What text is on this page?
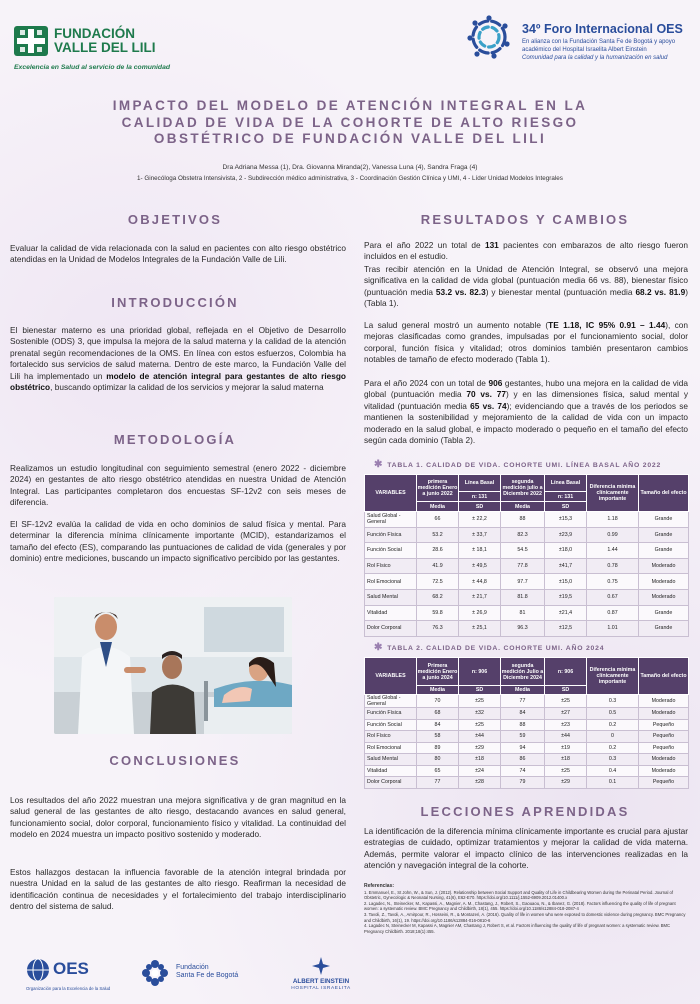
FUNDACIÓN
VALLE DEL LILI
Excelencia en Salud al servicio de la comunidad
34º Foro Internacional OES
En alianza con la Fundación Santa Fe de Bogotá y apoyo académico del Hospital Israelita Albert Einstein
Comunidad para la calidad y la humanización en salud
IMPACTO DEL MODELO DE ATENCIÓN INTEGRAL EN LA
CALIDAD DE VIDA DE LA COHORTE DE ALTO RIESGO
OBSTÉTRICO DE FUNDACIÓN VALLE DEL LILI
Dra Adriana Messa (1), Dra. Giovanna Miranda(2), Vanessa Luna (4), Sandra Fraga (4)
1- Ginecóloga Obstetra Intensivista, 2 - Subdirección médico administrativa, 3 - Coordinación Gestión Clínica y UMI, 4 - Líder Unidad Modelos Integrales
OBJETIVOS
Evaluar la calidad de vida relacionada con la salud en pacientes con alto riesgo obstétrico atendidas en la Unidad de Modelos Integrales de la Fundación Valle de Lili.
INTRODUCCIÓN
El bienestar materno es una prioridad global, reflejada en el Objetivo de Desarrollo Sostenible (ODS) 3, que impulsa la mejora de la salud materna y la calidad de la atención prenatal según recomendaciones de la OMS. En línea con estos esfuerzos, Colombia ha fortalecido sus servicios de salud materna. Dentro de este marco, la Fundación Valle del Lili ha implementado un modelo de atención integral para gestantes de alto riesgo obstétrico, buscando optimizar la calidad de los servicios y mejorar la salud materna
METODOLOGÍA
Realizamos un estudio longitudinal con seguimiento semestral (enero 2022 - diciembre 2024) en gestantes de alto riesgo obstétrico atendidas en nuestra Unidad de Atención Integral. Las participantes completaron dos encuestas SF-12v2 con seis meses de diferencia.
El SF-12v2 evalúa la calidad de vida en ocho dominios de salud física y mental. Para determinar la diferencia mínima clínicamente importante (MCID), estandarizamos el tamaño del efecto (ES), comparando las puntuaciones de calidad de vida (generales y por dominio) entre mediciones, buscando un impacto significativo percibido por las gestantes.
CONCLUSIONES
Los resultados del año 2022 muestran una mejora significativa y de gran magnitud en la salud general de las gestantes de alto riesgo, destacando avances en salud general, funcionamiento social, dolor corporal, funcionamiento físico y vitalidad. La continuidad del modelo en 2024 muestra un impacto positivo sostenido y moderado.
Estos hallazgos destacan la influencia favorable de la atención integral brindada por nuestra Unidad en la salud de las gestantes de alto riesgo. Reafirman la necesidad de identificación continua de necesidades y el fortalecimiento del trabajo interdisciplinario dentro del sistema de salud.
RESULTADOS Y CAMBIOS
Para el año 2022 un total de 131 pacientes con embarazos de alto riesgo fueron incluidos en el estudio.
Tras recibir atención en la Unidad de Atención Integral, se observó una mejora significativa en la calidad de vida global (puntuación media 66 vs. 88), bienestar físico (puntuación media 53.2 vs. 82.3) y bienestar mental (puntuación media 68.2 vs. 81.9) (Tabla 1).
La salud general mostró un aumento notable (TE 1.18, IC 95% 0.91 – 1.44), con mejoras clasificadas como grandes, impulsadas por el funcionamiento social, dolor corporal, función física y vitalidad; otros dominios también presentaron cambios notables de tamaño de efecto moderado (Tabla 1).
Para el año 2024 con un total de 906 gestantes, hubo una mejora en la calidad de vida global (puntuación media 70 vs. 77) y en las dimensiones física, salud mental y vitalidad (puntuación media 65 vs. 74); evidenciando que a través de los periodos se mantienen la sostenibilidad y mejoramiento de la calidad de vida con un impacto moderado en la salud global, e impacto moderado o pequeño en el tamaño del efecto según cada dominio (Tabla 2).
✱ TABLA 1. CALIDAD DE VIDA. COHORTE UMI. LÍNEA BASAL AÑO 2022
VARIABLES	primera medición Enero a junio 2022	Línea Basal	segunda medición julio a Diciembre 2022	Línea Basal	Diferencia mínima clínicamente importante	Tamaño del efecto
		n: 131		n: 131		
	Media	SD	Media	SD		
Salud Global - General	66	± 22,2	88	±15,3	1.18	Grande
Función Física	53.2	± 33,7	82.3	±23,9	0.99	Grande
Función Social	28.6	± 18,1	54.5	±18,0	1.44	Grande
Rol Físico	41.9	± 49,5	77.8	±41,7	0.78	Moderado
Rol Emocional	72.5	± 44,8	97.7	±15,0	0.75	Moderado
Salud Mental	68.2	± 21,7	81.8	±19,5	0.67	Moderado
Vitalidad	59.8	± 26,9	81	±21,4	0.87	Grande
Dolor Corporal	76.3	± 25,1	96.3	±12,5	1.01	Grande
✱ TABLA 2. CALIDAD DE VIDA. COHORTE UMI. AÑO 2024
VARIABLES	Primera medición Enero a junio 2024	n: 906	segunda medición Julio a Diciembre 2024	n: 906	Diferencia mínima clínicamente importante	Tamaño del efecto
	Media	SD	Media	SD		
Salud Global - General	70	±25	77	±25	0.3	Moderado
Función Física	68	±32	84	±27	0.5	Moderado
Función Social	84	±25	88	±23	0.2	Pequeño
Rol Físico	58	±44	59	±44	0	Pequeño
Rol Emocional	89	±29	94	±19	0.2	Pequeño
Salud Mental	80	±18	86	±18	0.3	Moderado
Vitalidad	65	±24	74	±25	0.4	Moderado
Dolor Corporal	77	±28	79	±29	0.1	Pequeño
LECCIONES APRENDIDAS
La identificación de la diferencia mínima clínicamente importante es crucial para ajustar estrategias de cuidado, optimizar tratamientos y mejorar la calidad de vida materna. Además, permite valorar el impacto clínico de las intervenciones realizadas en la atención y navegación integral de la cohorte.
Referencias:
1. Emmanuel, E., St John, W., & Sun, J. (2012). Relationship between Social Support and Quality of Life in Childbearing Women during the Perinatal Period. Journal of Obstetric, Gynecologic & Neonatal Nursing, 41(6), E62-E70. https://doi.org/10.1111/j.1552-6909.2012.01400.x
2. Lagadec, N., Steinecker, M., Kapassi, A., Magnier, A. M., Chastang, J., Robert, S., Gaouaou, N., & Ibanez, G. (2018). Factors influencing the quality of life of pregnant women: a systematic review. BMC Pregnancy and Childbirth, 18(1), 455. https://doi.org/10.1186/s12884-018-2087-4
3. Tavoli, Z., Tavoli, A., Amirpour, R., Hosseini, R., & Montazeri, A. (2016). Quality of life in women who were exposed to domestic violence during pregnancy. BMC Pregnancy and Childbirth, 16(1), 19. https://doi.org/10.1186/s12884-016-0810-6
4. Lagadec N, Steinecker M, Kapassi A, Magnier AM, Chastang J, Robert S, et al. Factors influencing the quality of life of pregnant women: a systematic review. BMC Pregnancy Childbirth. 2018;18(1):455.
OES
Organización para la Excelencia de la Salud
Fundación
Santa Fe de Bogotá
ALBERT EINSTEIN
HOSPITAL ISRAELITA
